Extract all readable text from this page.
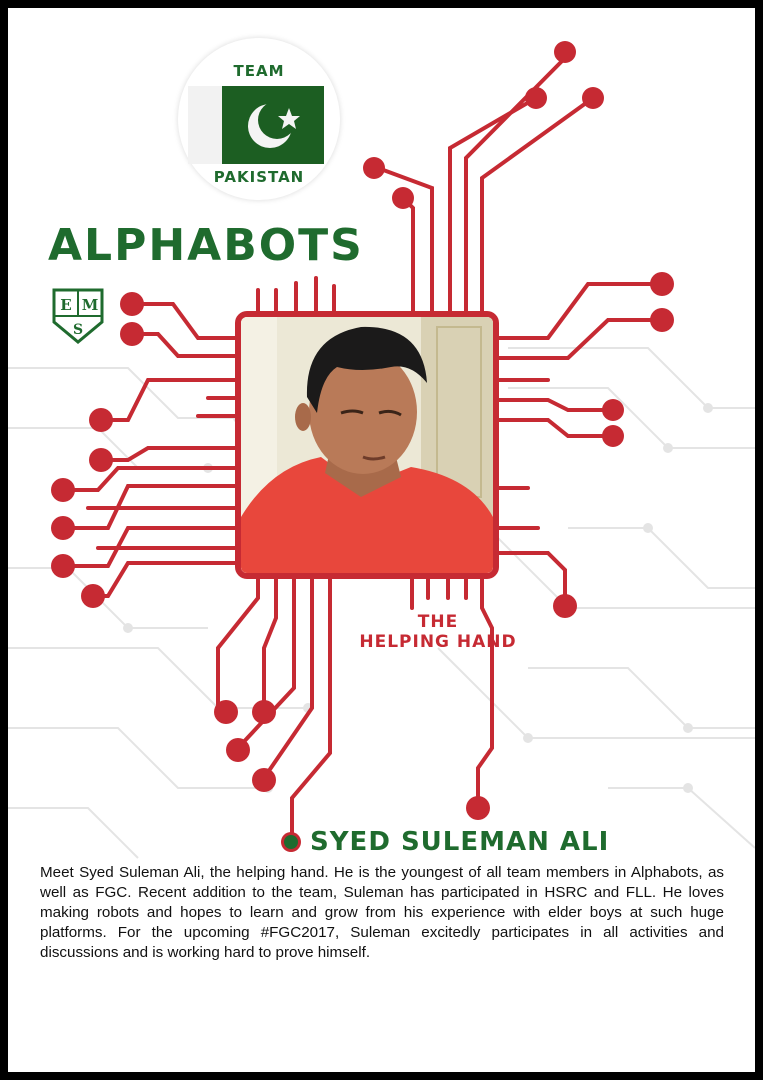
TEAM
PAKISTAN
ALPHABOTS
E M
S
THE
HELPING HAND
SYED SULEMAN ALI
Meet Syed Suleman Ali, the helping hand. He is the youngest of all team members in Alphabots, as well as FGC. Recent addition to the team, Suleman has participated in HSRC and FLL. He loves making robots and hopes to learn and grow from his experience with elder boys at such huge platforms. For the upcoming #FGC2017, Suleman excitedly participates in all activities and discussions and is working hard to prove himself.
